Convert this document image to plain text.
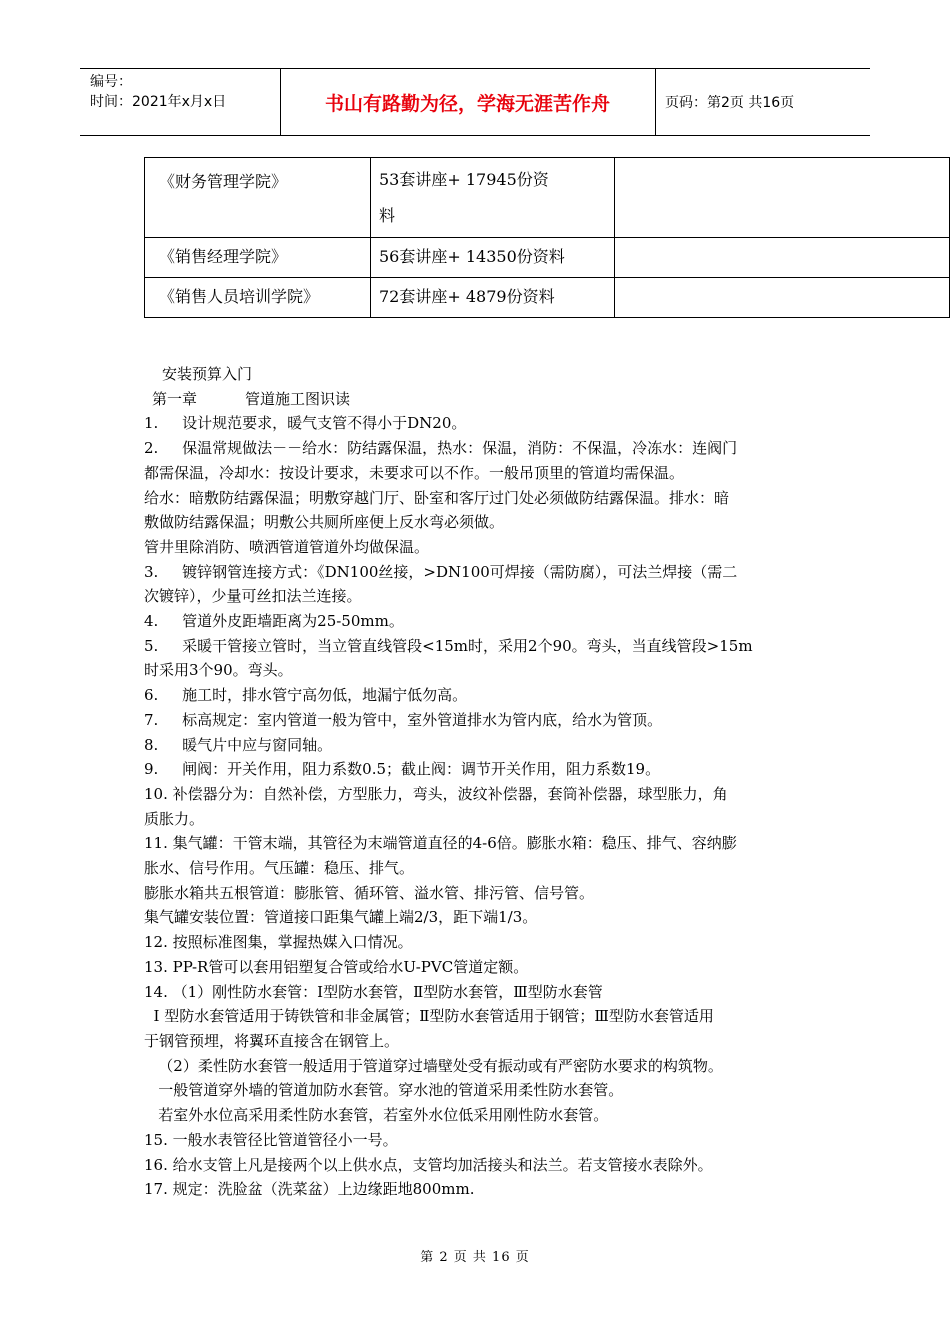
编号：
时间：2021年x月x日	书山有路勤为径，学海无涯苦作舟	页码：第2页 共16页
《财务管理学院》	53套讲座+ 17945份资
料	

《销售经理学院》	56套讲座+ 14350份资料	

《销售人员培训学院》	72套讲座+ 4879份资料	

安装预算入门

第一章	管道施工图识读

1.     设计规范要求，暖气支管不得小于DN20。

2.     保温常规做法－－给水：防结露保温，热水：保温，消防：不保温，冷冻水：连阀门

都需保温，冷却水：按设计要求，未要求可以不作。一般吊顶里的管道均需保温。

给水：暗敷防结露保温；明敷穿越门厅、卧室和客厅过门处必须做防结露保温。排水：暗

敷做防结露保温；明敷公共厕所座便上反水弯必须做。

管井里除消防、喷洒管道管道外均做保温。

3.     镀锌钢管连接方式：《DN100丝接，>DN100可焊接（需防腐），可法兰焊接（需二

次镀锌），少量可丝扣法兰连接。

4.     管道外皮距墙距离为25-50mm。

5.     采暖干管接立管时，当立管直线管段<15m时，采用2个90。弯头，当直线管段>15m

时采用3个90。弯头。

6.     施工时，排水管宁高勿低，地漏宁低勿高。

7.     标高规定：室内管道一般为管中，室外管道排水为管内底，给水为管顶。

8.     暖气片中应与窗同轴。

9.     闸阀：开关作用，阻力系数0.5；截止阀：调节开关作用，阻力系数19。

10. 补偿器分为：自然补偿，方型胀力，弯头，波纹补偿器，套筒补偿器，球型胀力，角

质胀力。

11. 集气罐：干管末端，其管径为末端管道直径的4-6倍。膨胀水箱：稳压、排气、容纳膨

胀水、信号作用。气压罐：稳压、排气。

膨胀水箱共五根管道：膨胀管、循环管、溢水管、排污管、信号管。

集气罐安装位置：管道接口距集气罐上端2/3，距下端1/3。

12. 按照标准图集，掌握热媒入口情况。

13. PP-R管可以套用铝塑复合管或给水U-PVC管道定额。

14. （1）刚性防水套管：Ⅰ型防水套管，Ⅱ型防水套管，Ⅲ型防水套管

Ⅰ 型防水套管适用于铸铁管和非金属管；Ⅱ型防水套管适用于钢管；Ⅲ型防水套管适用

于钢管预埋，将翼环直接含在钢管上。

（2）柔性防水套管一般适用于管道穿过墙壁处受有振动或有严密防水要求的构筑物。

一般管道穿外墙的管道加防水套管。穿水池的管道采用柔性防水套管。

若室外水位高采用柔性防水套管，若室外水位低采用刚性防水套管。

15. 一般水表管径比管道管径小一号。

16. 给水支管上凡是接两个以上供水点，支管均加活接头和法兰。若支管接水表除外。

17. 规定：洗脸盆（洗菜盆）上边缘距地800mm.

第 2 页 共 16 页
